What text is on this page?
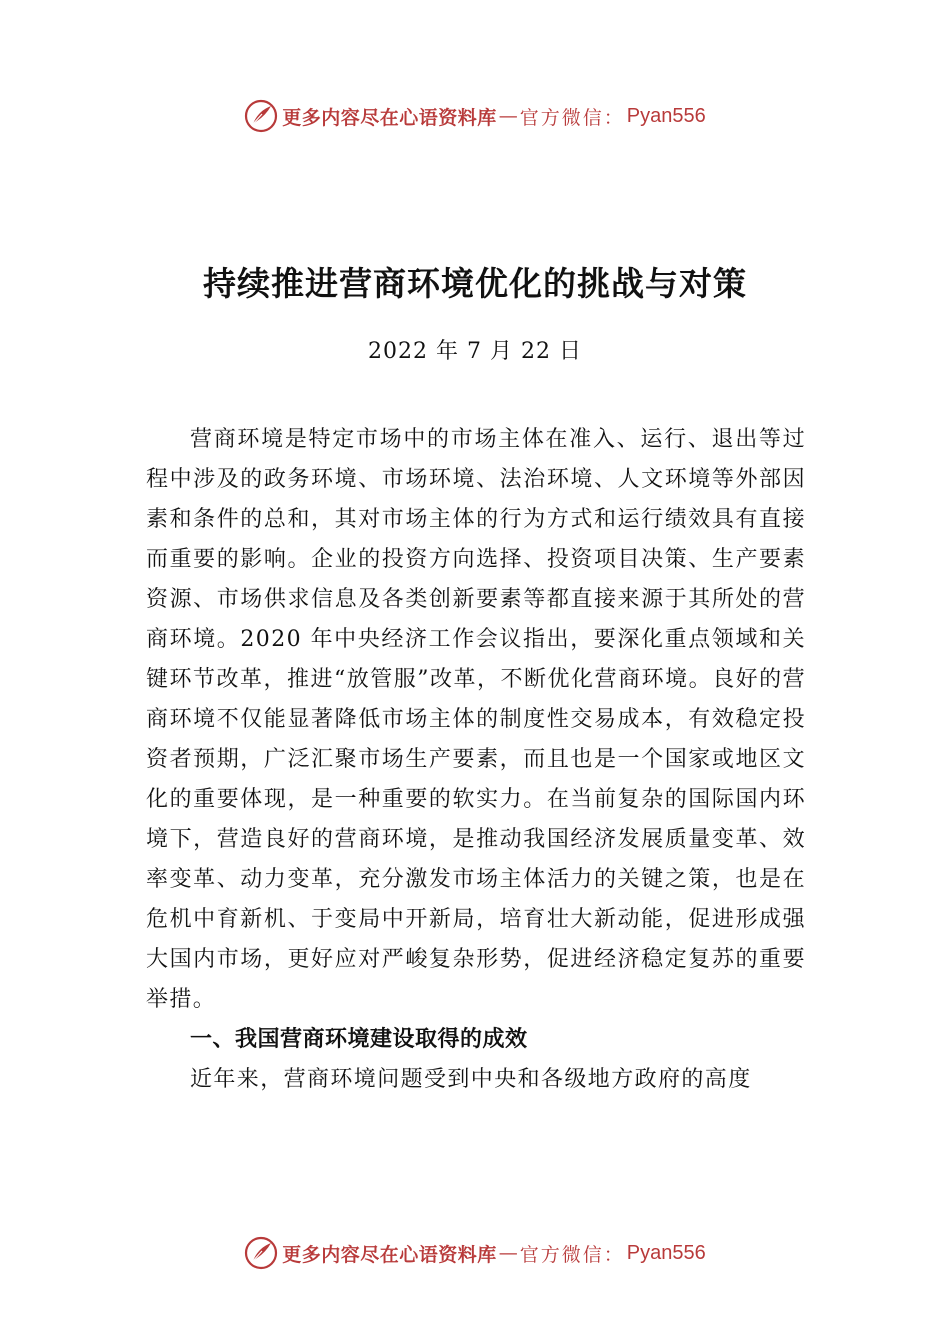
更多内容尽在心语资料库 — 官方微信： Pyan556
持续推进营商环境优化的挑战与对策
2022 年 7 月 22 日

营商环境是特定市场中的市场主体在准入、运行、退出等过程中涉及的政务环境、市场环境、法治环境、人文环境等外部因素和条件的总和，其对市场主体的行为方式和运行绩效具有直接而重要的影响。企业的投资方向选择、投资项目决策、生产要素资源、市场供求信息及各类创新要素等都直接来源于其所处的营商环境。2020 年中央经济工作会议指出，要深化重点领域和关键环节改革，推进“放管服”改革，不断优化营商环境。良好的营商环境不仅能显著降低市场主体的制度性交易成本，有效稳定投资者预期，广泛汇聚市场生产要素，而且也是一个国家或地区文化的重要体现，是一种重要的软实力。在当前复杂的国际国内环境下，营造良好的营商环境，是推动我国经济发展质量变革、效率变革、动力变革，充分激发市场主体活力的关键之策，也是在危机中育新机、于变局中开新局，培育壮大新动能，促进形成强大国内市场，更好应对严峻复杂形势，促进经济稳定复苏的重要举措。

一、我国营商环境建设取得的成效

近年来，营商环境问题受到中央和各级地方政府的高度

更多内容尽在心语资料库 — 官方微信： Pyan556
